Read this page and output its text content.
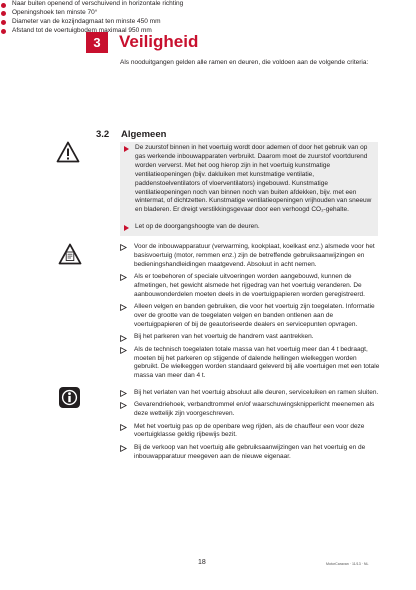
3	Veiligheid
Als nooduitgangen gelden alle ramen en deuren, die voldoen aan de volgende criteria:
Naar buiten openend of verschuivend in horizontale richting
Openingshoek ten minste 70°
Diameter van de kozijndagmaat ten minste 450 mm
Afstand tot de voertuigbodem maximaal 950 mm
3.2 Algemeen
De zuurstof binnen in het voertuig wordt door ademen of door het gebruik van op gas werkende inbouwapparaten verbruikt. Daarom moet de zuurstof voortdurend worden ververst. Met het oog hierop zijn in het voertuig kunstmatige ventilatieopeningen (bijv. dakluiken met kunstmatige ventilatie, paddenstoelventilators of vloerventilators) ingebouwd. Kunstmatige ventilatieopeningen noch van binnen noch van buiten afdekken, bijv. met een wintermat, of dichtzetten. Kunstmatige ventilatieopeningen vrijhouden van sneeuw en bladeren. Er dreigt verstikkingsgevaar door een verhoogd CO₂-gehalte.
Let op de doorgangshoogte van de deuren.
Voor de inbouwapparatuur (verwarming, kookplaat, koelkast enz.) alsmede voor het basisvoertuig (motor, remmen enz.) zijn de betreffende gebruiksaanwijzingen en bedieningshandleidingen maatgevend. Absoluut in acht nemen.
Als er toebehoren of speciale uitvoeringen worden aangebouwd, kunnen de afmetingen, het gewicht alsmede het rijgedrag van het voertuig veranderen. De aanbouwonderdelen moeten deels in de voertuigpapieren worden geregistreerd.
Alleen velgen en banden gebruiken, die voor het voertuig zijn toegelaten. Informatie over de grootte van de toegelaten velgen en banden ontlenen aan de voertuigpapieren of bij de geautoriseerde dealers en servicepunten opvragen.
Bij het parkeren van het voertuig de handrem vast aantrekken.
Als de technisch toegelaten totale massa van het voertuig meer dan 4 t bedraagt, moeten bij het parkeren op stijgende of dalende hellingen wielkeggen worden gebruikt. De wielkeggen worden standaard geleverd bij alle voertuigen met een totale massa van meer dan 4 t.
Bij het verlaten van het voertuig absoluut alle deuren, serviceluiken en ramen sluiten.
Gevarendriehoek, verbandtrommel en/of waarschuwingsknipperlicht meenemen als deze wettelijk zijn voorgeschreven.
Met het voertuig pas op de openbare weg rijden, als de chauffeur een voor deze voertuigklasse geldig rijbewijs bezit.
Bij de verkoop van het voertuig alle gebruiksaanwijzingen van het voertuig en de inbouwapparatuur meegeven aan de nieuwe eigenaar.
18	MotorCaravan · 11/13 · NL
